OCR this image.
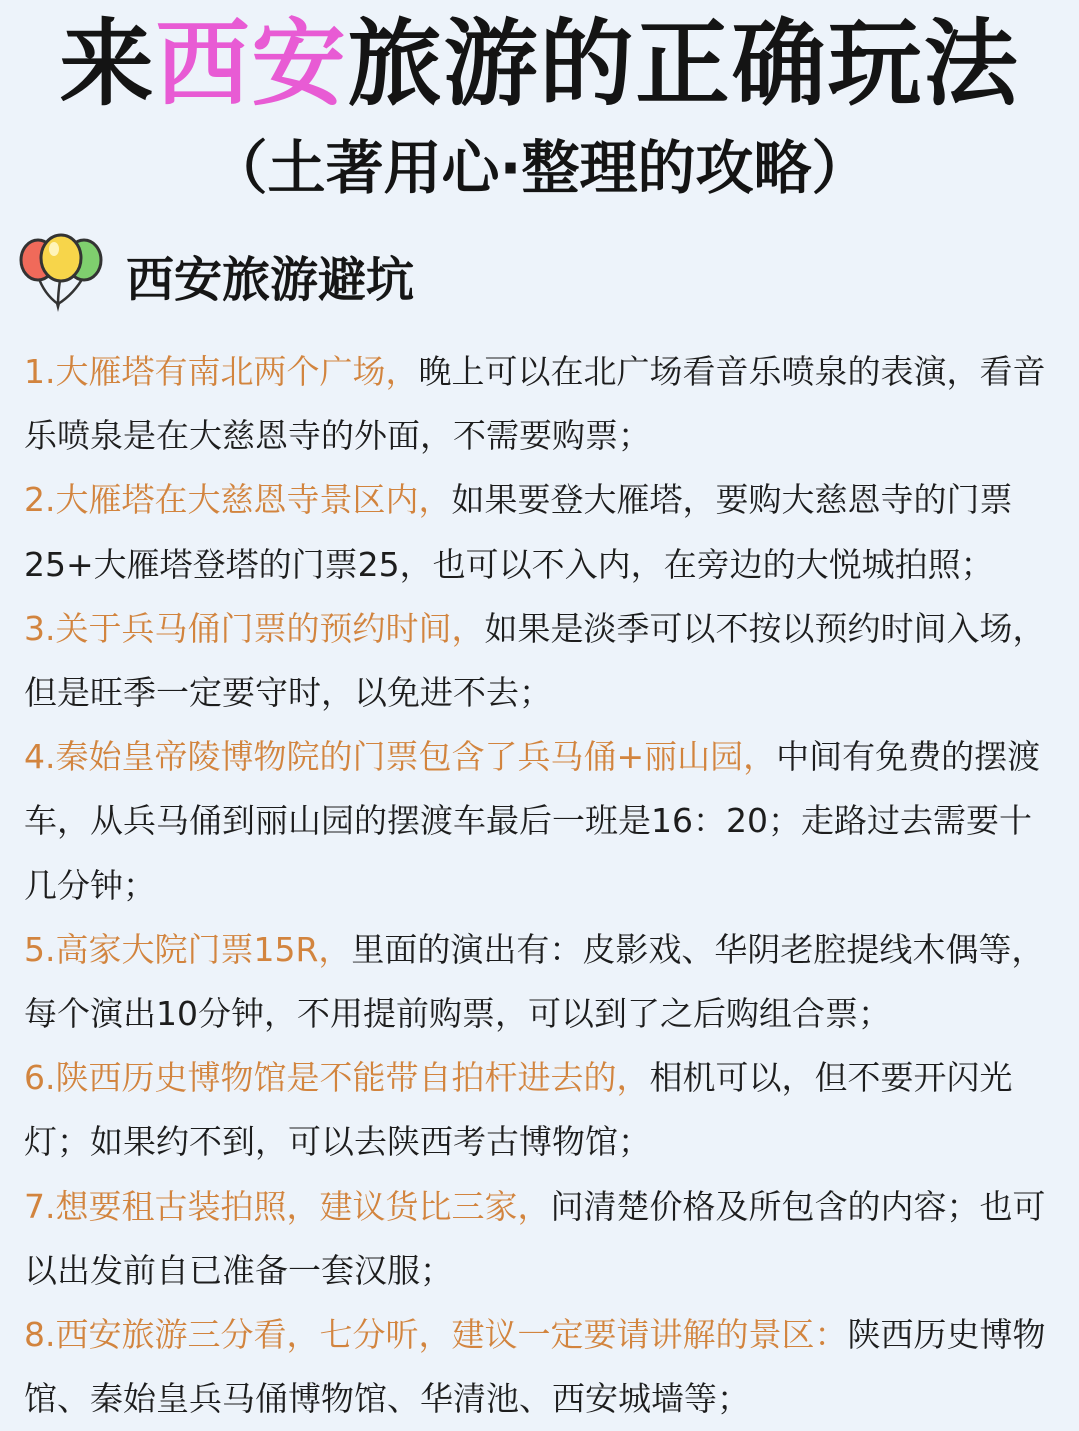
来西安旅游的正确玩法
（土著用心·整理的攻略）
西安旅游避坑

1.大雁塔有南北两个广场，晚上可以在北广场看音乐喷泉的表演，看音乐喷泉是在大慈恩寺的外面，不需要购票；

2.大雁塔在大慈恩寺景区内，如果要登大雁塔，要购大慈恩寺的门票25+大雁塔登塔的门票25，也可以不入内，在旁边的大悦城拍照；

3.关于兵马俑门票的预约时间，如果是淡季可以不按以预约时间入场，但是旺季一定要守时，以免进不去；

4.秦始皇帝陵博物院的门票包含了兵马俑+丽山园，中间有免费的摆渡车，从兵马俑到丽山园的摆渡车最后一班是16：20；走路过去需要十几分钟；

5.高家大院门票15R，里面的演出有：皮影戏、华阴老腔提线木偶等，每个演出10分钟，不用提前购票，可以到了之后购组合票；

6.陕西历史博物馆是不能带自拍杆进去的，相机可以，但不要开闪光灯；如果约不到，可以去陕西考古博物馆；

7.想要租古装拍照，建议货比三家，问清楚价格及所包含的内容；也可以出发前自已准备一套汉服；

8.西安旅游三分看，七分听，建议一定要请讲解的景区：陕西历史博物馆、秦始皇兵马俑博物馆、华清池、西安城墙等；
